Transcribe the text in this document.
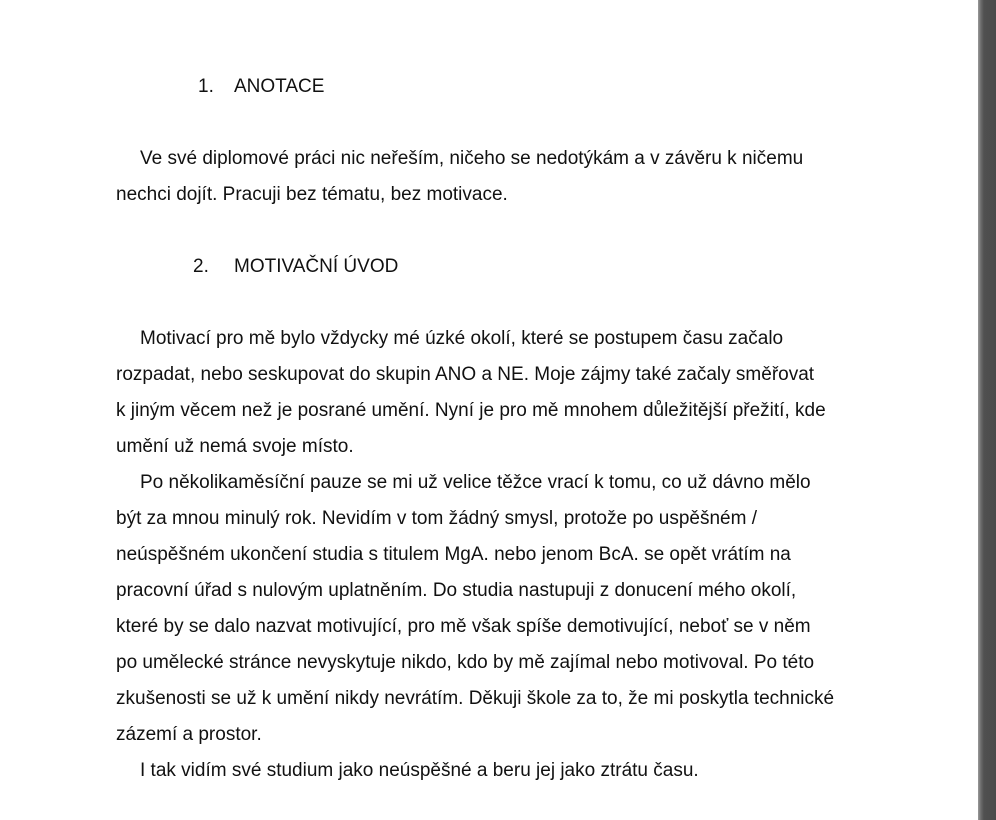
1. ANOTACE
Ve své diplomové práci nic neřeším, ničeho se nedotýkám a v závěru k ničemu
nechci dojít. Pracuji bez tématu, bez motivace.
2. MOTIVAČNÍ ÚVOD
Motivací pro mě bylo vždycky mé úzké okolí, které se postupem času začalo
rozpadat, nebo seskupovat do skupin ANO a NE. Moje zájmy také začaly směřovat
k jiným věcem než je posrané umění. Nyní je pro mě mnohem důležitější přežití, kde
umění už nemá svoje místo.
Po několikaměsíční pauze se mi už velice těžce vrací k tomu, co už dávno mělo
být za mnou minulý rok. Nevidím v tom žádný smysl, protože po uspěšném /
neúspěšném ukončení studia s titulem MgA. nebo jenom BcA. se opět vrátím na
pracovní úřad s nulovým uplatněním. Do studia nastupuji z donucení mého okolí,
které by se dalo nazvat motivující, pro mě však spíše demotivující, neboť se v něm
po umělecké stránce nevyskytuje nikdo, kdo by mě zajímal nebo motivoval. Po této
zkušenosti se už k umění nikdy nevrátím. Děkuji škole za to, že mi poskytla technické
zázemí a prostor.
I tak vidím své studium jako neúspěšné a beru jej jako ztrátu času.
